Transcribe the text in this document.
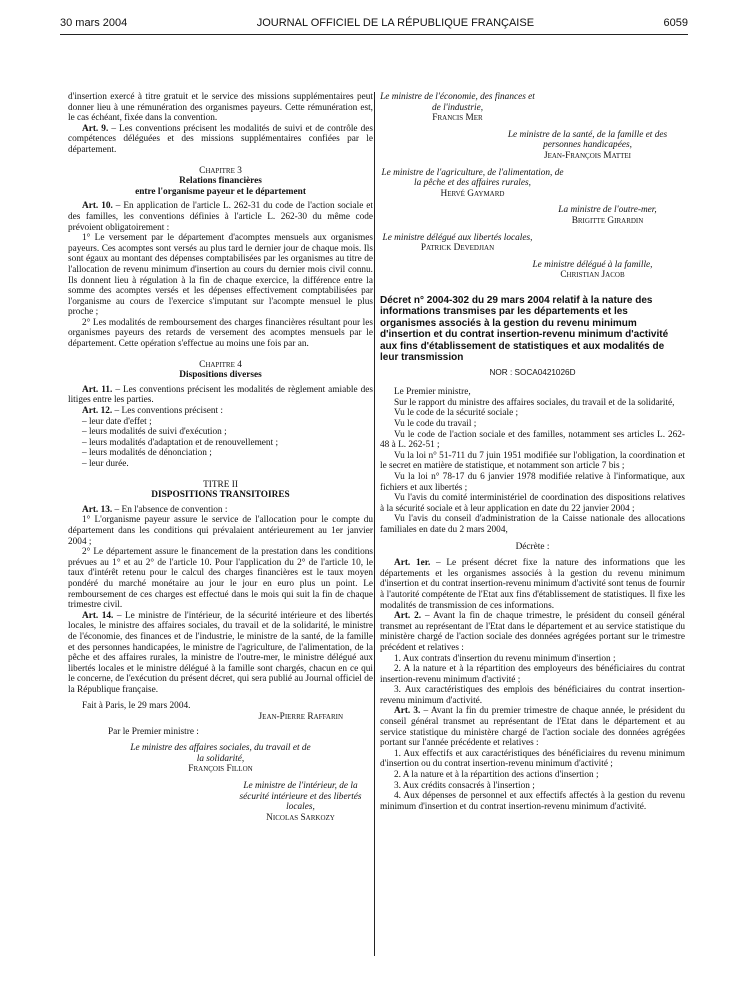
30 mars 2004	JOURNAL OFFICIEL DE LA RÉPUBLIQUE FRANÇAISE	6059

d'insertion exercé à titre gratuit et le service des missions supplémentaires peut donner lieu à une rémunération des organismes payeurs. Cette rémunération est, le cas échéant, fixée dans la convention.

Art. 9. – Les conventions précisent les modalités de suivi et de contrôle des compétences déléguées et des missions supplémentaires confiées par le département.

Chapitre 3
Relations financières
entre l'organisme payeur et le département

Art. 10. – En application de l'article L. 262-31 du code de l'action sociale et des familles, les conventions définies à l'article L. 262-30 du même code prévoient obligatoirement :

1° Le versement par le département d'acomptes mensuels aux organismes payeurs. Ces acomptes sont versés au plus tard le dernier jour de chaque mois. Ils sont égaux au montant des dépenses comptabilisées par les organismes au titre de l'allocation de revenu minimum d'insertion au cours du dernier mois civil connu. Ils donnent lieu à régulation à la fin de chaque exercice, la différence entre la somme des acomptes versés et les dépenses effectivement comptabilisées par l'organisme au cours de l'exercice s'imputant sur l'acompte mensuel le plus proche ;

2° Les modalités de remboursement des charges financières résultant pour les organismes payeurs des retards de versement des acomptes mensuels par le département. Cette opération s'effectue au moins une fois par an.

Chapitre 4
Dispositions diverses

Art. 11. – Les conventions précisent les modalités de règlement amiable des litiges entre les parties.

Art. 12. – Les conventions précisent :

– leur date d'effet ;
– leurs modalités de suivi d'exécution ;
– leurs modalités d'adaptation et de renouvellement ;
– leurs modalités de dénonciation ;
– leur durée.
TITRE II
DISPOSITIONS TRANSITOIRES

Art. 13. – En l'absence de convention :

1° L'organisme payeur assure le service de l'allocation pour le compte du département dans les conditions qui prévalaient antérieurement au 1er janvier 2004 ;

2° Le département assure le financement de la prestation dans les conditions prévues au 1° et au 2° de l'article 10. Pour l'application du 2° de l'article 10, le taux d'intérêt retenu pour le calcul des charges financières est le taux moyen pondéré du marché monétaire au jour le jour en euro plus un point. Le remboursement de ces charges est effectué dans le mois qui suit la fin de chaque trimestre civil.

Art. 14. – Le ministre de l'intérieur, de la sécurité intérieure et des libertés locales, le ministre des affaires sociales, du travail et de la solidarité, le ministre de l'économie, des finances et de l'industrie, le ministre de la santé, de la famille et des personnes handicapées, le ministre de l'agriculture, de l'alimentation, de la pêche et des affaires rurales, la ministre de l'outre-mer, le ministre délégué aux libertés locales et le ministre délégué à la famille sont chargés, chacun en ce qui le concerne, de l'exécution du présent décret, qui sera publié au Journal officiel de la République française.

Fait à Paris, le 29 mars 2004.

Jean-Pierre Raffarin
Par le Premier ministre :
Le ministre des affaires sociales, du travail et de la solidarité,
François Fillon
Le ministre de l'intérieur, de la sécurité intérieure et des libertés locales,
Nicolas Sarkozy
Le ministre de l'économie, des finances et de l'industrie,
Francis Mer
Le ministre de la santé, de la famille et des personnes handicapées,
Jean-François Mattei
Le ministre de l'agriculture, de l'alimentation, de la pêche et des affaires rurales,
Hervé Gaymard
La ministre de l'outre-mer,
Brigitte Girardin
Le ministre délégué aux libertés locales,
Patrick Devedjian
Le ministre délégué à la famille,
Christian Jacob
Décret n° 2004-302 du 29 mars 2004 relatif à la nature des informations transmises par les départements et les organismes associés à la gestion du revenu minimum d'insertion et du contrat insertion-revenu minimum d'activité aux fins d'établissement de statistiques et aux modalités de leur transmission
NOR : SOCA0421026D

Le Premier ministre,

Sur le rapport du ministre des affaires sociales, du travail et de la solidarité,

Vu le code de la sécurité sociale ;

Vu le code du travail ;

Vu le code de l'action sociale et des familles, notamment ses articles L. 262-48 à L. 262-51 ;

Vu la loi n° 51-711 du 7 juin 1951 modifiée sur l'obligation, la coordination et le secret en matière de statistique, et notamment son article 7 bis ;

Vu la loi n° 78-17 du 6 janvier 1978 modifiée relative à l'informatique, aux fichiers et aux libertés ;

Vu l'avis du comité interministériel de coordination des dispositions relatives à la sécurité sociale et à leur application en date du 22 janvier 2004 ;

Vu l'avis du conseil d'administration de la Caisse nationale des allocations familiales en date du 2 mars 2004,

Décrète :

Art. 1er. – Le présent décret fixe la nature des informations que les départements et les organismes associés à la gestion du revenu minimum d'insertion et du contrat insertion-revenu minimum d'activité sont tenus de fournir à l'autorité compétente de l'Etat aux fins d'établissement de statistiques. Il fixe les modalités de transmission de ces informations.

Art. 2. – Avant la fin de chaque trimestre, le président du conseil général transmet au représentant de l'Etat dans le département et au service statistique du ministère chargé de l'action sociale des données agrégées portant sur le trimestre précédent et relatives :

1. Aux contrats d'insertion du revenu minimum d'insertion ;

2. A la nature et à la répartition des employeurs des bénéficiaires du contrat insertion-revenu minimum d'activité ;

3. Aux caractéristiques des emplois des bénéficiaires du contrat insertion-revenu minimum d'activité.

Art. 3. – Avant la fin du premier trimestre de chaque année, le président du conseil général transmet au représentant de l'Etat dans le département et au service statistique du ministère chargé de l'action sociale des données agrégées portant sur l'année précédente et relatives :

1. Aux effectifs et aux caractéristiques des bénéficiaires du revenu minimum d'insertion ou du contrat insertion-revenu minimum d'activité ;

2. A la nature et à la répartition des actions d'insertion ;

3. Aux crédits consacrés à l'insertion ;

4. Aux dépenses de personnel et aux effectifs affectés à la gestion du revenu minimum d'insertion et du contrat insertion-revenu minimum d'activité.
